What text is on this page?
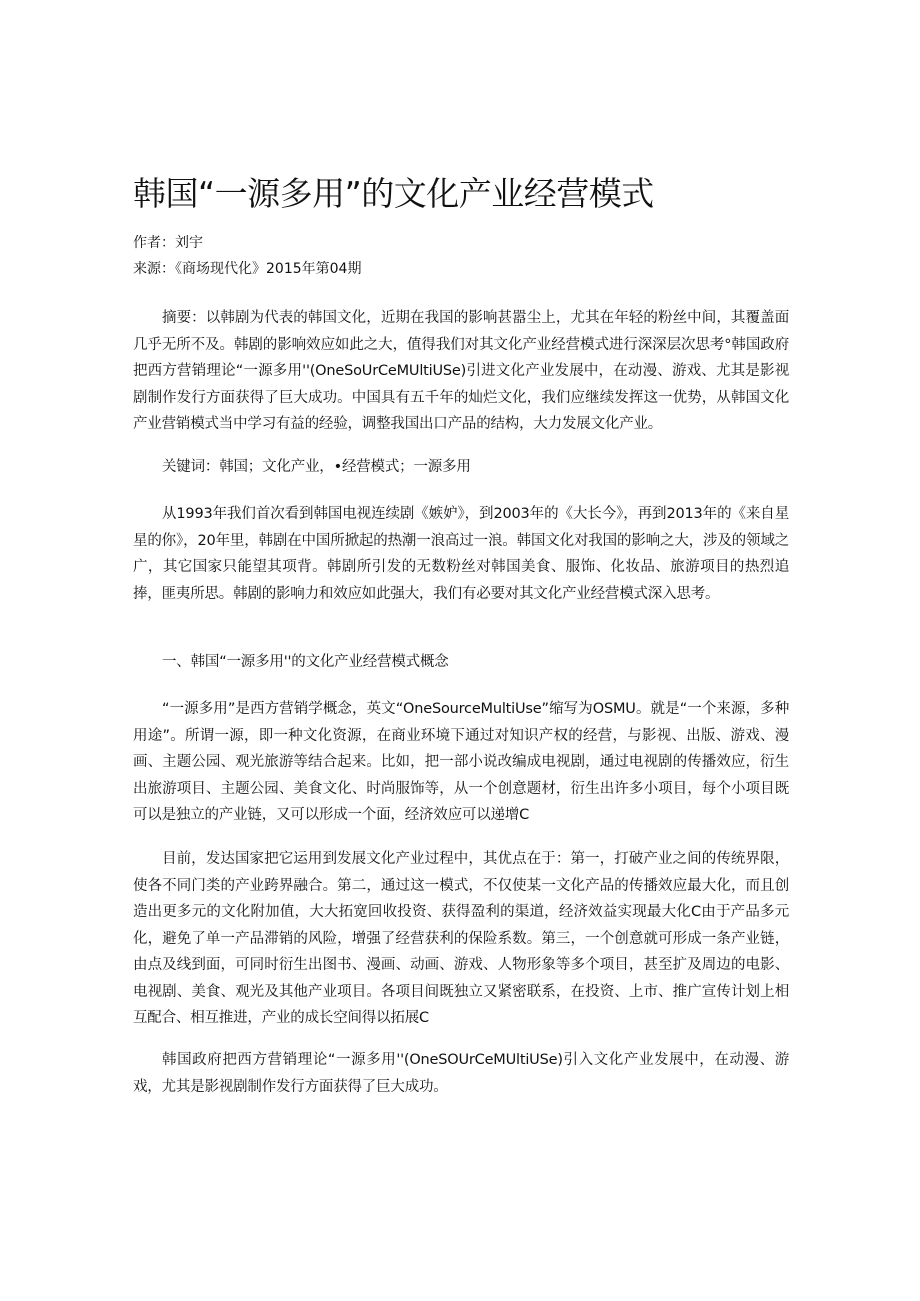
韩国“一源多用”的文化产业经营模式
作者：刘宇
来源：《商场现代化》2015年第04期

摘要：以韩剧为代表的韩国文化，近期在我国的影响甚嚣尘上，尤其在年轻的粉丝中间，其覆盖面几乎无所不及。韩剧的影响效应如此之大，值得我们对其文化产业经营模式进行深深层次思考°韩国政府把西方营销理论“一源多用''(OneSoUrCeMUltiUSe)引进文化产业发展中，在动漫、游戏、尤其是影视剧制作发行方面获得了巨大成功。中国具有五千年的灿烂文化，我们应继续发挥这一优势，从韩国文化产业营销模式当中学习有益的经验，调整我国出口产品的结构，大力发展文化产业。

关键词：韩国；文化产业，•经营模式；一源多用

从1993年我们首次看到韩国电视连续剧《嫉妒》，到2003年的《大长今》，再到2013年的《来自星星的你》，20年里，韩剧在中国所掀起的热潮一浪高过一浪。韩国文化对我国的影响之大，涉及的领域之广，其它国家只能望其项背。韩剧所引发的无数粉丝对韩国美食、服饰、化妆品、旅游项目的热烈追捧，匪夷所思。韩剧的影响力和效应如此强大，我们有必要对其文化产业经营模式深入思考。

一、韩国“一源多用''的文化产业经营模式概念

“一源多用”是西方营销学概念，英文“OneSourceMultiUse”缩写为OSMU。就是“一个来源，多种用途”。所谓一源，即一种文化资源，在商业环境下通过对知识产权的经营，与影视、出版、游戏、漫画、主题公园、观光旅游等结合起来。比如，把一部小说改编成电视剧，通过电视剧的传播效应，衍生出旅游项目、主题公园、美食文化、时尚服饰等，从一个创意题材，衍生出许多小项目，每个小项目既可以是独立的产业链，又可以形成一个面，经济效应可以递增C

目前，发达国家把它运用到发展文化产业过程中，其优点在于：第一，打破产业之间的传统界限，使各不同门类的产业跨界融合。第二，通过这一模式，不仅使某一文化产品的传播效应最大化，而且创造出更多元的文化附加值，大大拓宽回收投资、获得盈利的渠道，经济效益实现最大化C由于产品多元化，避免了单一产品滞销的风险，增强了经营获利的保险系数。第三，一个创意就可形成一条产业链，由点及线到面，可同时衍生出图书、漫画、动画、游戏、人物形象等多个项目，甚至扩及周边的电影、电视剧、美食、观光及其他产业项目。各项目间既独立又紧密联系，在投资、上市、推广宣传计划上相互配合、相互推进，产业的成长空间得以拓展C

韩国政府把西方营销理论“一源多用''(OneSOUrCeMUltiUSe)引入文化产业发展中，在动漫、游戏，尤其是影视剧制作发行方面获得了巨大成功。
